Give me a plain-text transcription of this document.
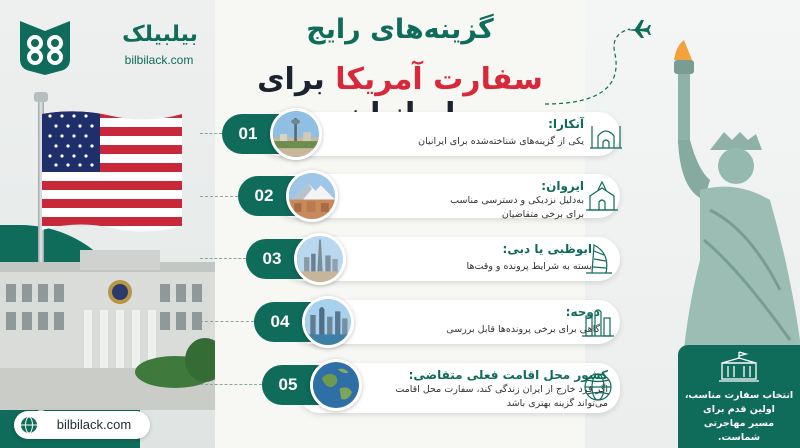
بیلبیلک
bilbilack.com
گزینه‌های رایج
سفارت آمریکا برای
bilbilack.com
01	آنکارا:
یکی از گزینه‌های شناخته‌شده برای ایرانیان
02	ایروان:
به‌دلیل نزدیکی و دسترسی مناسب
برای برخی متقاضیان
03	ابوظبی یا دبی:
بسته به شرایط پرونده و وقت‌ها
04	دوحه:
گاهی برای برخی پرونده‌ها قابل بررسی
05	کشور محل اقامت فعلی متقاضی:
اگر فرد خارج از ایران زندگی کند، سفارت محل اقامت
می‌تواند گزینه بهتری باشد
انتخاب سفارت مناسب،
اولین قدم برای
مسیر مهاجرتی شماست.
